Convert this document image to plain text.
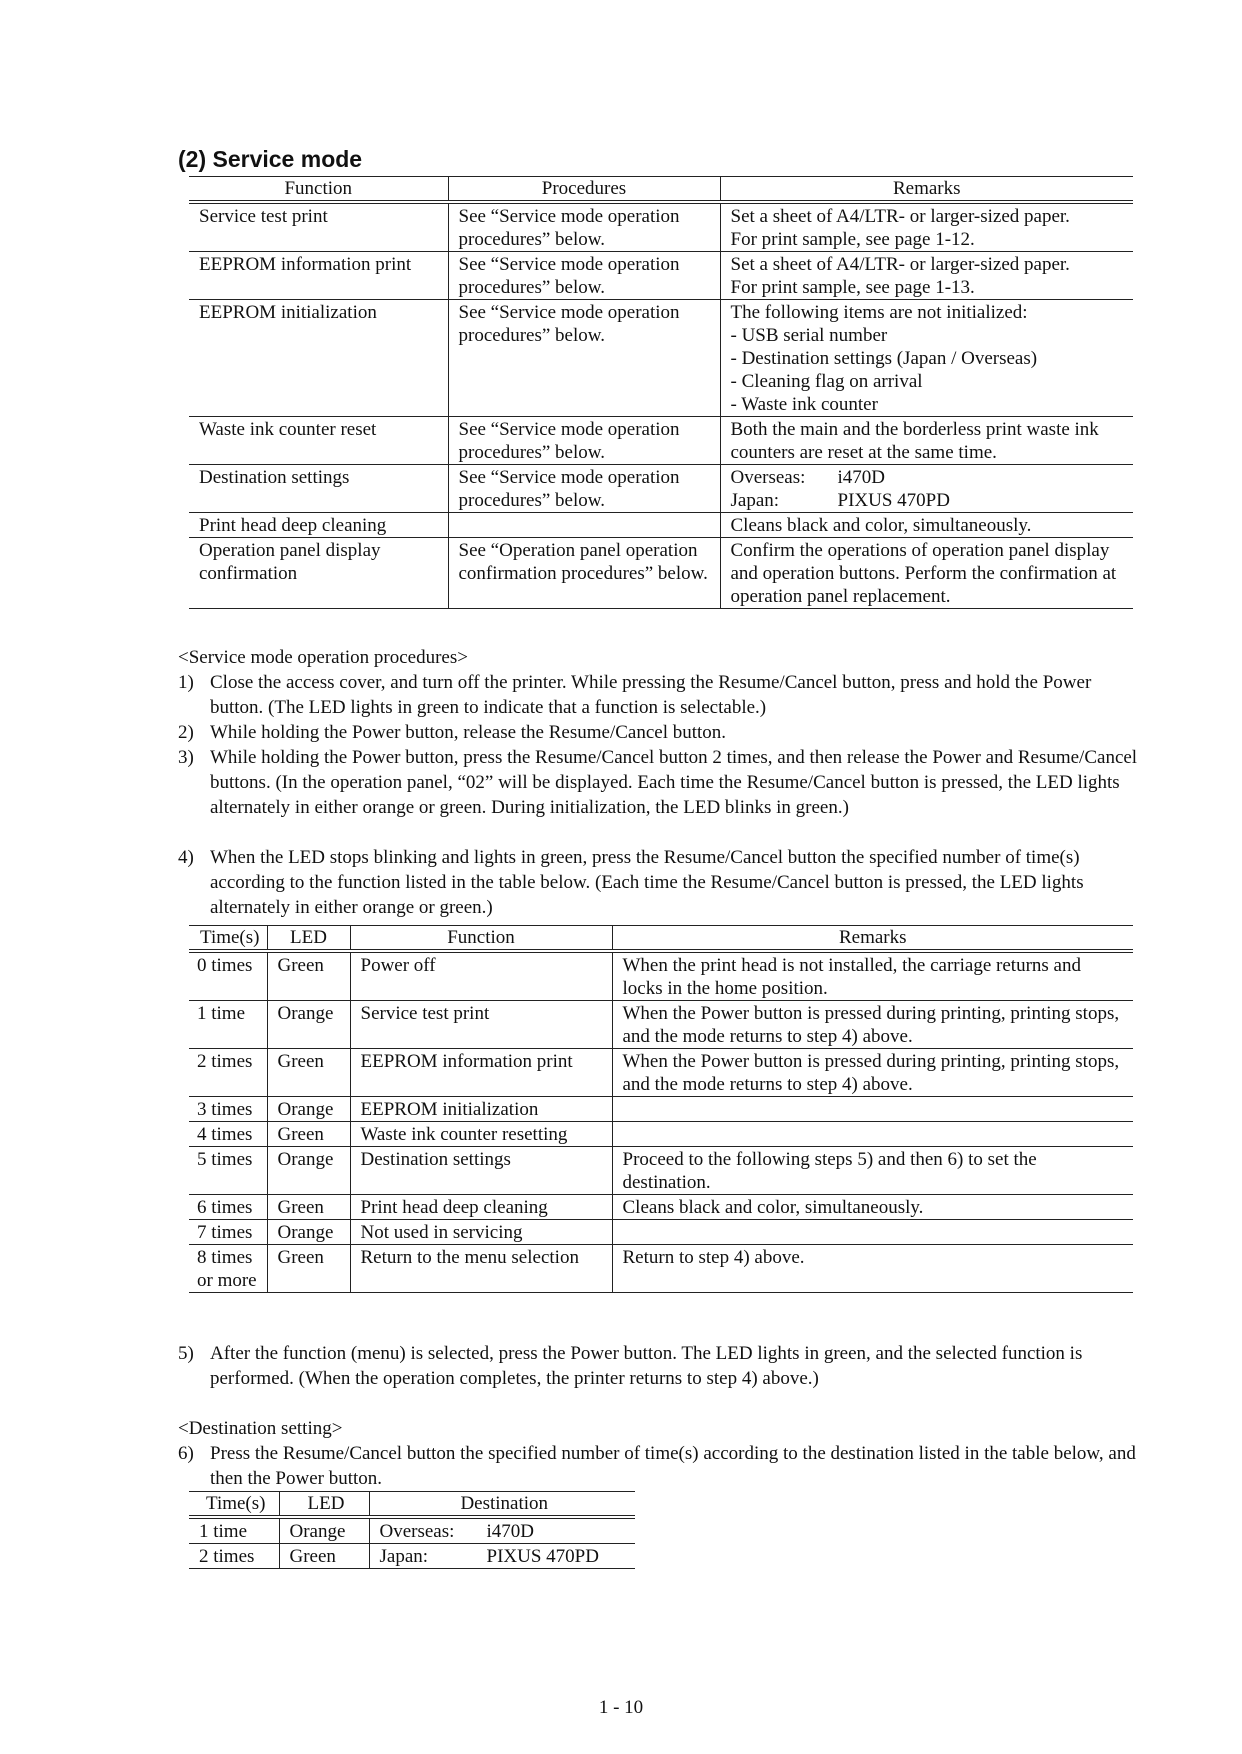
(2) Service mode
Function	Procedures	Remarks
Service test print	See “Service mode operation procedures” below.	Set a sheet of A4/LTR- or larger-sized paper.
For print sample, see page 1-12.

EEPROM information print	See “Service mode operation procedures” below.	Set a sheet of A4/LTR- or larger-sized paper.
For print sample, see page 1-13.

EEPROM initialization	See “Service mode operation procedures” below.	The following items are not initialized:
- USB serial number
- Destination settings (Japan / Overseas)
- Cleaning flag on arrival
- Waste ink counter

Waste ink counter reset	See “Service mode operation procedures” below.	Both the main and the borderless print waste ink counters are reset at the same time.
Destination settings	See “Service mode operation procedures” below.	Overseas: i470D
Japan: PIXUS 470PD

Print head deep cleaning		Cleans black and color, simultaneously.
Operation panel display confirmation	See “Operation panel operation confirmation procedures” below.	Confirm the operations of operation panel display and operation buttons. Perform the confirmation at operation panel replacement.
<Service mode operation procedures>
1) Close the access cover, and turn off the printer. While pressing the Resume/Cancel button, press and hold the Power button. (The LED lights in green to indicate that a function is selectable.)
2) While holding the Power button, release the Resume/Cancel button.
3) While holding the Power button, press the Resume/Cancel button 2 times, and then release the Power and Resume/Cancel buttons. (In the operation panel, “02” will be displayed. Each time the Resume/Cancel button is pressed, the LED lights alternately in either orange or green. During initialization, the LED blinks in green.)
4) When the LED stops blinking and lights in green, press the Resume/Cancel button the specified number of time(s) according to the function listed in the table below. (Each time the Resume/Cancel button is pressed, the LED lights alternately in either orange or green.)
Time(s)	LED	Function	Remarks
0 times	Green	Power off	When the print head is not installed, the carriage returns and locks in the home position.
1 time	Orange	Service test print	When the Power button is pressed during printing, printing stops, and the mode returns to step 4) above.
2 times	Green	EEPROM information print	When the Power button is pressed during printing, printing stops, and the mode returns to step 4) above.
3 times	Orange	EEPROM initialization	
4 times	Green	Waste ink counter resetting	
5 times	Orange	Destination settings	Proceed to the following steps 5) and then 6) to set the destination.
6 times	Green	Print head deep cleaning	Cleans black and color, simultaneously.
7 times	Orange	Not used in servicing	
8 times or more	Green	Return to the menu selection	Return to step 4) above.
5) After the function (menu) is selected, press the Power button. The LED lights in green, and the selected function is performed. (When the operation completes, the printer returns to step 4) above.)
<Destination setting>
6) Press the Resume/Cancel button the specified number of time(s) according to the destination listed in the table below, and then the Power button.
Time(s)	LED	Destination
1 time	Orange	Overseas: i470D
2 times	Green	Japan: PIXUS 470PD
1 - 10
